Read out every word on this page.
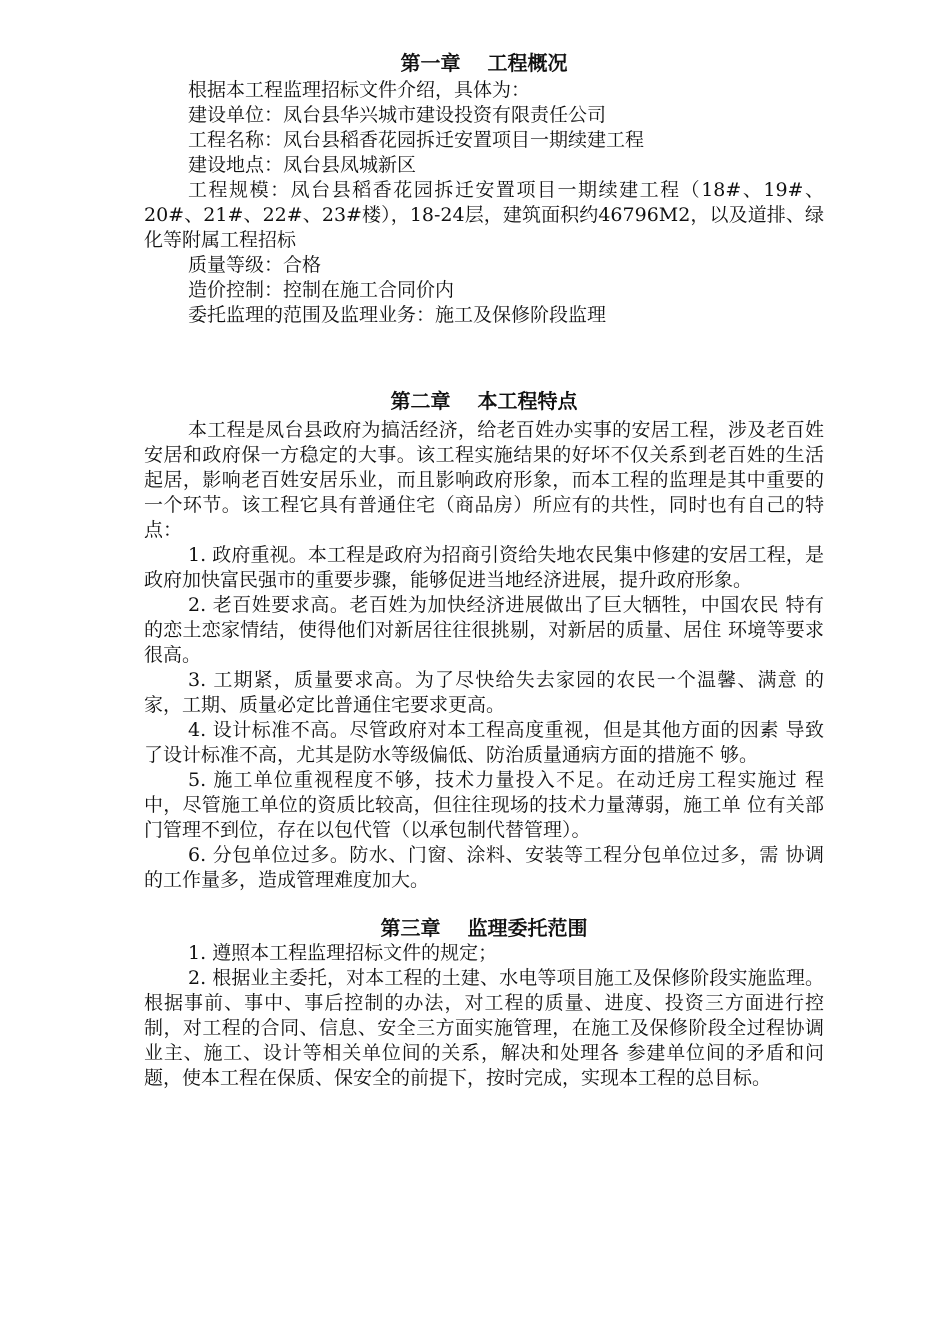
第一章　 工程概况

根据本工程监理招标文件介绍，具体为：

建设单位：凤台县华兴城市建设投资有限责任公司

工程名称：凤台县稻香花园拆迁安置项目一期续建工程

建设地点：凤台县凤城新区

工程规模：凤台县稻香花园拆迁安置项目一期续建工程（18#、19#、20#、21#、22#、23#楼），18-24层，建筑面积约46796M2，以及道排、绿化等附属工程招标

质量等级：合格

造价控制：控制在施工合同价内

委托监理的范围及监理业务：施工及保修阶段监理

第二章　 本工程特点

本工程是凤台县政府为搞活经济，给老百姓办实事的安居工程，涉及老百姓安居和政府保一方稳定的大事。该工程实施结果的好坏不仅关系到老百姓的生活起居，影响老百姓安居乐业，而且影响政府形象，而本工程的监理是其中重要的一个环节。该工程它具有普通住宅（商品房）所应有的共性，同时也有自己的特点：

1. 政府重视。本工程是政府为招商引资给失地农民集中修建的安居工程，是政府加快富民强市的重要步骤，能够促进当地经济进展，提升政府形象。

2. 老百姓要求高。老百姓为加快经济进展做出了巨大牺牲，中国农民 特有的恋土恋家情结，使得他们对新居往往很挑剔，对新居的质量、居住 环境等要求很高。

3. 工期紧，质量要求高。为了尽快给失去家园的农民一个温馨、满意 的家，工期、质量必定比普通住宅要求更高。

4. 设计标准不高。尽管政府对本工程高度重视，但是其他方面的因素 导致了设计标准不高，尤其是防水等级偏低、防治质量通病方面的措施不 够。

5. 施工单位重视程度不够，技术力量投入不足。在动迁房工程实施过 程中，尽管施工单位的资质比较高，但往往现场的技术力量薄弱，施工单 位有关部门管理不到位，存在以包代管（以承包制代替管理）。

6. 分包单位过多。防水、门窗、涂料、安装等工程分包单位过多，需 协调的工作量多，造成管理难度加大。

第三章　 监理委托范围

1. 遵照本工程监理招标文件的规定；

2. 根据业主委托，对本工程的土建、水电等项目施工及保修阶段实施监理。根据事前、事中、事后控制的办法，对工程的质量、进度、投资三方面进行控制，对工程的合同、信息、安全三方面实施管理，在施工及保修阶段全过程协调业主、施工、设计等相关单位间的关系，解决和处理各 参建单位间的矛盾和问题，使本工程在保质、保安全的前提下，按时完成，实现本工程的总目标。
